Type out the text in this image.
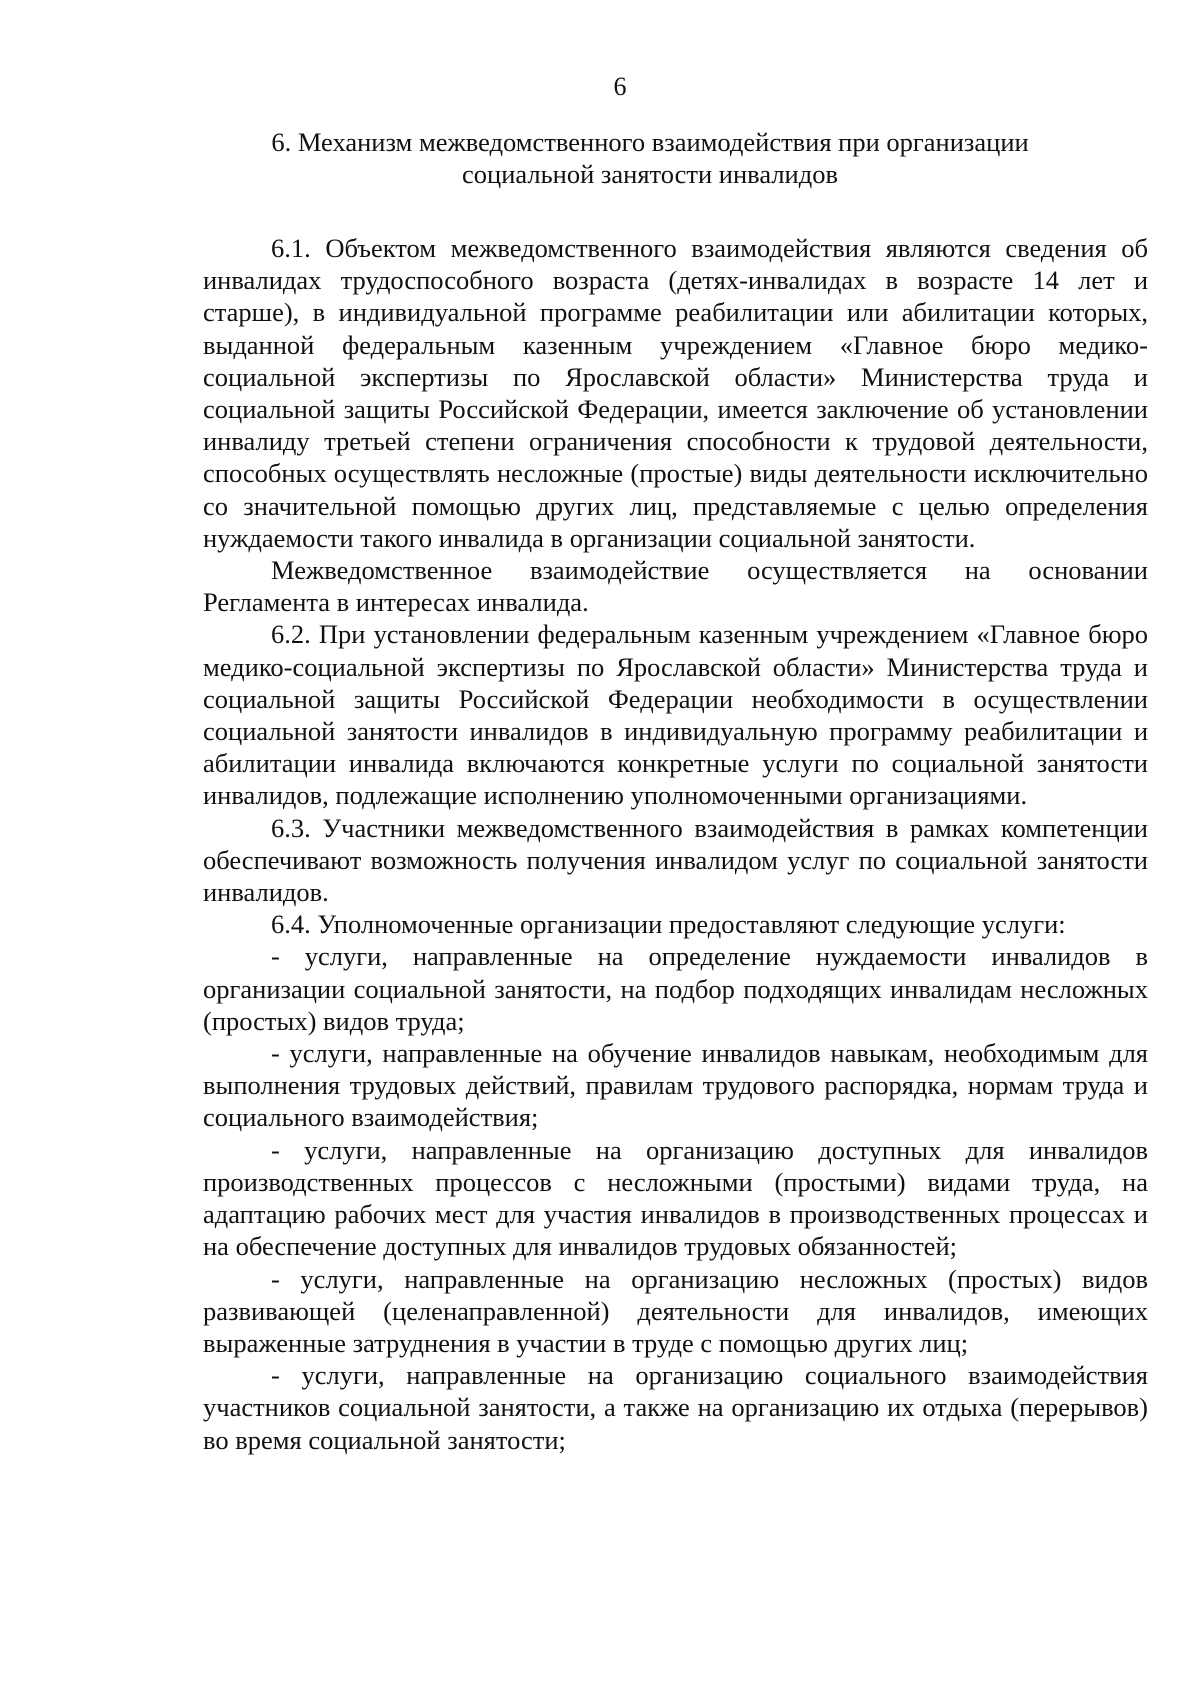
6
6. Механизм межведомственного взаимодействия при организации
социальной занятости инвалидов

6.1. Объектом межведомственного взаимодействия являются сведения об инвалидах трудоспособного возраста (детях-инвалидах в возрасте 14 лет и старше), в индивидуальной программе реабилитации или абилитации которых, выданной федеральным казенным учреждением «Главное бюро медико-социальной экспертизы по Ярославской области» Министерства труда и социальной защиты Российской Федерации, имеется заключение об установлении инвалиду третьей степени ограничения способности к трудовой деятельности, способных осуществлять несложные (простые) виды деятельности исключительно со значительной помощью других лиц, представляемые с целью определения нуждаемости такого инвалида в организации социальной занятости.

Межведомственное взаимодействие осуществляется на основании Регламента в интересах инвалида.

6.2. При установлении федеральным казенным учреждением «Главное бюро медико-социальной экспертизы по Ярославской области» Министерства труда и социальной защиты Российской Федерации необходимости в осуществлении социальной занятости инвалидов в индивидуальную программу реабилитации и абилитации инвалида включаются конкретные услуги по социальной занятости инвалидов, подлежащие исполнению уполномоченными организациями.

6.3. Участники межведомственного взаимодействия в рамках компетенции обеспечивают возможность получения инвалидом услуг по социальной занятости инвалидов.

6.4. Уполномоченные организации предоставляют следующие услуги:

- услуги, направленные на определение нуждаемости инвалидов в организации социальной занятости, на подбор подходящих инвалидам несложных (простых) видов труда;

- услуги, направленные на обучение инвалидов навыкам, необходимым для выполнения трудовых действий, правилам трудового распорядка, нормам труда и социального взаимодействия;

- услуги, направленные на организацию доступных для инвалидов производственных процессов с несложными (простыми) видами труда, на адаптацию рабочих мест для участия инвалидов в производственных процессах и на обеспечение доступных для инвалидов трудовых обязанностей;

- услуги, направленные на организацию несложных (простых) видов развивающей (целенаправленной) деятельности для инвалидов, имеющих выраженные затруднения в участии в труде с помощью других лиц;

- услуги, направленные на организацию социального взаимодействия участников социальной занятости, а также на организацию их отдыха (перерывов) во время социальной занятости;
